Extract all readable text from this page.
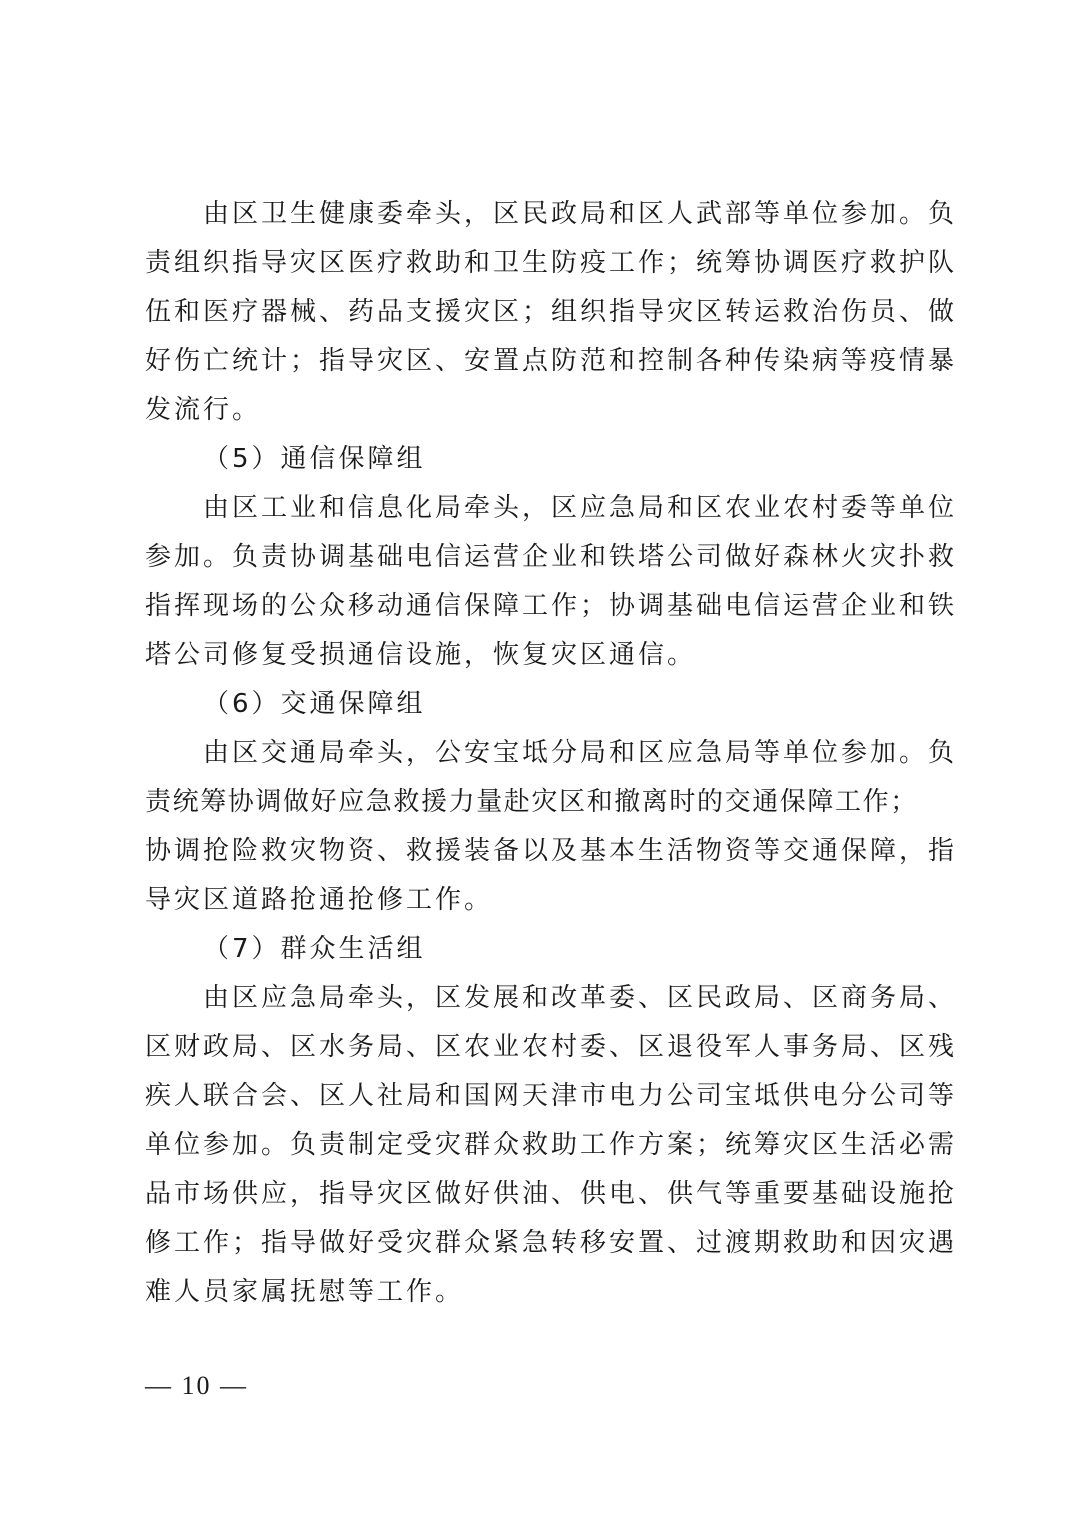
　　由区卫生健康委牵头，区民政局和区人武部等单位参加。负
责组织指导灾区医疗救助和卫生防疫工作；统筹协调医疗救护队
伍和医疗器械、药品支援灾区；组织指导灾区转运救治伤员、做
好伤亡统计；指导灾区、安置点防范和控制各种传染病等疫情暴
发流行。
（5）通信保障组
　　由区工业和信息化局牵头，区应急局和区农业农村委等单位
参加。负责协调基础电信运营企业和铁塔公司做好森林火灾扑救
指挥现场的公众移动通信保障工作；协调基础电信运营企业和铁
塔公司修复受损通信设施，恢复灾区通信。
（6）交通保障组
　　由区交通局牵头，公安宝坻分局和区应急局等单位参加。负
责统筹协调做好应急救援力量赴灾区和撤离时的交通保障工作；
协调抢险救灾物资、救援装备以及基本生活物资等交通保障，指
导灾区道路抢通抢修工作。
（7）群众生活组
　　由区应急局牵头，区发展和改革委、区民政局、区商务局、
区财政局、区水务局、区农业农村委、区退役军人事务局、区残
疾人联合会、区人社局和国网天津市电力公司宝坻供电分公司等
单位参加。负责制定受灾群众救助工作方案；统筹灾区生活必需
品市场供应，指导灾区做好供油、供电、供气等重要基础设施抢
修工作；指导做好受灾群众紧急转移安置、过渡期救助和因灾遇
难人员家属抚慰等工作。
— 10 —
